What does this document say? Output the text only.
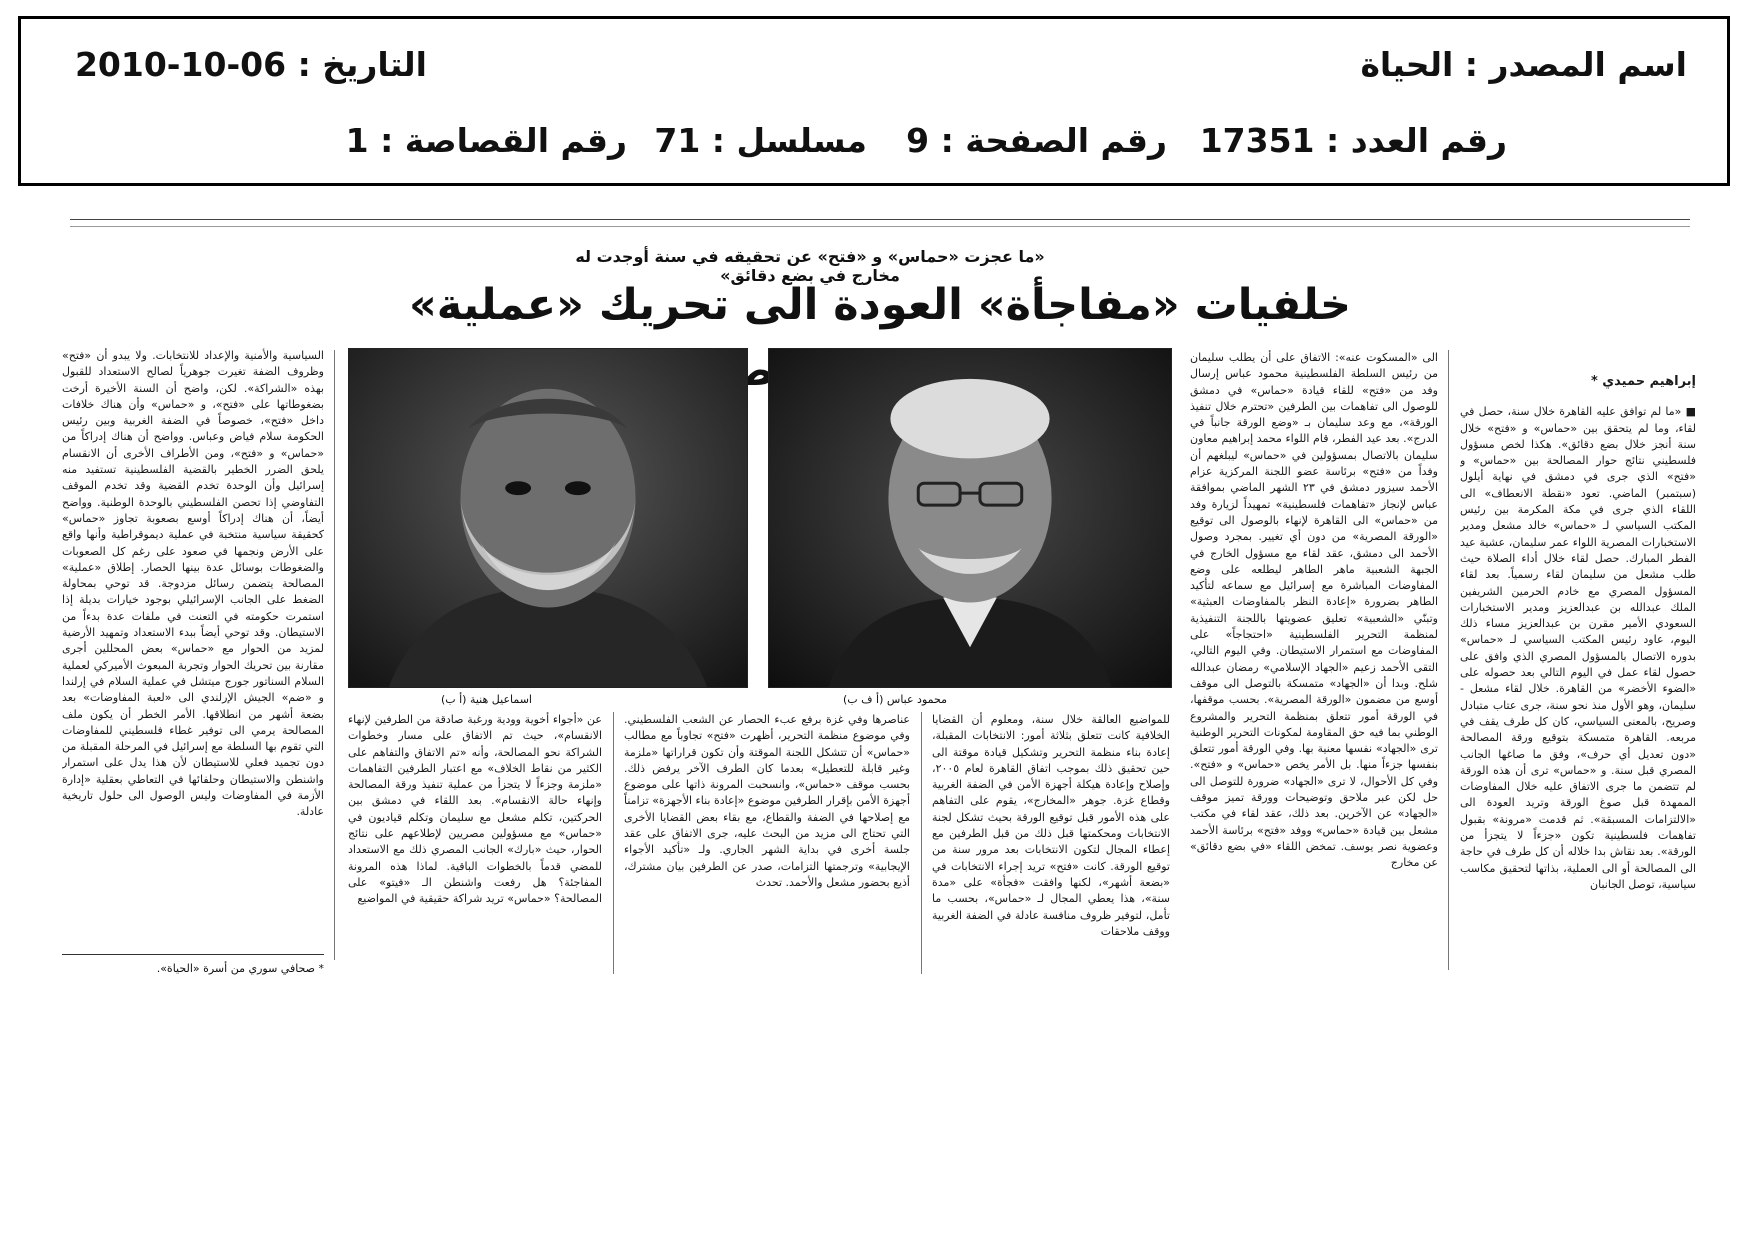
اسم المصدر : الحياة
التاريخ : 06-10-2010
رقم العدد : 17351
رقم الصفحة : 9
مسلسل : 71
رقم القصاصة : 1
«ما عجزت «حماس» و «فتح» عن تحقيقه في سنة أوجدت له مخارج في بضع دقائق»
خلفيات «مفاجأة» العودة الى تحريك «عملية»
إبراهيم حميدي *

■ «ما لم توافق عليه القاهرة خلال سنة، حصل في لقاء، وما لم يتحقق بين «حماس» و «فتح» خلال سنة أنجز خلال بضع دقائق». هكذا لخص مسؤول فلسطيني نتائج حوار المصالحة بين «حماس» و «فتح» الذي جرى في دمشق في نهاية أيلول (سبتمبر) الماضي. تعود «نقطة الانعطاف» الى اللقاء الذي جرى في مكة المكرمة بين رئيس المكتب السياسي لـ «حماس» خالد مشعل ومدير الاستخبارات المصرية اللواء عمر سليمان، عشية عيد الفطر المبارك. حصل لقاء خلال أداء الصلاة حيث طلب مشعل من سليمان لقاء رسمياً. بعد لقاء المسؤول المصري مع خادم الحرمين الشريفين الملك عبدالله بن عبدالعزيز ومدير الاستخبارات السعودي الأمير مقرن بن عبدالعزيز مساء ذلك اليوم، عاود رئيس المكتب السياسي لـ «حماس» بدوره الاتصال بالمسؤول المصري الذي وافق على حصول لقاء عمل في اليوم التالي بعد حصوله على «الضوء الأخضر» من القاهرة. خلال لقاء مشعل - سليمان، وهو الأول منذ نحو سنة، جرى عتاب متبادل وصريح، بالمعنى السياسي، كان كل طرف يقف في مربعه. القاهرة متمسكة بتوقيع ورقة المصالحة «دون تعديل أي حرف»، وفق ما صاغها الجانب المصري قبل سنة. و «حماس» ترى أن هذه الورقة لم تتضمن ما جرى الاتفاق عليه خلال المفاوضات الممهدة قبل صوغ الورقة وتريد العودة الى «الالتزامات المسبقة». ثم قدمت «مرونة» بقبول تفاهمات فلسطينية تكون «جزءاً لا يتجزأ من الورقة». بعد نقاش بدا خلاله أن كل طرف في حاجة الى المصالحة أو الى العملية، بذاتها لتحقيق مكاسب سياسية، توصل الجانبان

الى «المسكوت عنه»: الاتفاق على أن يطلب سليمان من رئيس السلطة الفلسطينية محمود عباس إرسال وفد من «فتح» للقاء قيادة «حماس» في دمشق للوصول الى تفاهمات بين الطرفين «تحترم خلال تنفيذ الورقة»، مع وعد سليمان بـ «وضع الورقة جانباً في الدرج». بعد عيد الفطر، قام اللواء محمد إبراهيم معاون سليمان بالاتصال بمسؤولين في «حماس» ليبلغهم أن وفداً من «فتح» برئاسة عضو اللجنة المركزية عزام الأحمد سيزور دمشق في ٢٣ الشهر الماضي بموافقة عباس لإنجاز «تفاهمات فلسطينية» تمهيداً لزيارة وفد من «حماس» الى القاهرة لإنهاء بالوصول الى توقيع «الورقة المصرية» من دون أي تغيير. بمجرد وصول الأحمد الى دمشق، عقد لقاء مع مسؤول الخارج في الجبهة الشعبية ماهر الطاهر ليطلعه على وضع المفاوضات المباشرة مع إسرائيل مع سماعه لتأكيد الطاهر بضرورة «إعادة النظر بالمفاوضات العبثية» وتبنّي «الشعبية» تعليق عضويتها باللجنة التنفيذية لمنظمة التحرير الفلسطينية «احتجاجاً» على المفاوضات مع استمرار الاستيطان. وفي اليوم التالي، التقى الأحمد زعيم «الجهاد الإسلامي» رمضان عبدالله شلح. وبدا أن «الجهاد» متمسكة بالتوصل الى موقف أوسع من مضمون «الورقة المصرية». بحسب موقفها، في الورقة أمور تتعلق بمنظمة التحرير والمشروع الوطني بما فيه حق المقاومة لمكونات التحرير الوطنية ترى «الجهاد» نفسها معنية بها. وفي الورقة أمور تتعلق بنفسها جزءاً منها. بل الأمر يخص «حماس» و «فتح». وفي كل الأحوال، لا ترى «الجهاد» ضرورة للتوصل الى حل لكن عبر ملاحق وتوضيحات وورقة تميز موقف «الجهاد» عن الآخرين. بعد ذلك، عقد لقاء في مكتب مشعل بين قيادة «حماس» ووفد «فتح» برئاسة الأحمد وعضوية نصر يوسف. تمخض اللقاء «في بضع دقائق» عن مخارج

محمود عباس (أ ف ب)
اسماعيل هنية (أ ب)

للمواضيع العالقة خلال سنة، ومعلوم أن القضايا الخلافية كانت تتعلق بثلاثة أمور: الانتخابات المقبلة، إعادة بناء منظمة التحرير وتشكيل قيادة موقتة الى حين تحقيق ذلك بموجب اتفاق القاهرة لعام ٢٠٠٥، وإصلاح وإعادة هيكلة أجهزة الأمن في الضفة الغربية وقطاع غزة. جوهر «المخارج»، يقوم على التفاهم على هذه الأمور قبل توقيع الورقة بحيث تشكل لجنة الانتخابات ومحكمتها قبل ذلك من قبل الطرفين مع إعطاء المجال لتكون الانتخابات بعد مرور سنة من توقيع الورقة. كانت «فتح» تريد إجراء الانتخابات في «بضعة أشهر»، لكنها وافقت «فجأة» على «مدة سنة»، هذا يعطي المجال لـ «حماس»، بحسب ما تأمل، لتوفير ظروف منافسة عادلة في الضفة الغربية ووقف ملاحقات

عناصرها وفي غزة برفع عبء الحصار عن الشعب الفلسطيني. وفي موضوع منظمة التحرير، أظهرت «فتح» تجاوباً مع مطالب «حماس» أن تتشكل اللجنة الموقتة وأن تكون قراراتها «ملزمة وغير قابلة للتعطيل» بعدما كان الطرف الآخر يرفض ذلك. بحسب موقف «حماس»، وانسحبت المرونة ذاتها على موضوع أجهزة الأمن بإقرار الطرفين موضوع «إعادة بناء الأجهزة» تزامناً مع إصلاحها في الضفة والقطاع، مع بقاء بعض القضايا الأخرى التي تحتاج الى مزيد من البحث عليه، جرى الاتفاق على عقد جلسة أخرى في بداية الشهر الجاري. ولـ «تأكيد الأجواء الإيجابية» وترجمتها التزامات، صدر عن الطرفين بيان مشترك، أذيع بحضور مشعل والأحمد. تحدث

عن «أجواء أخوية وودية ورغبة صادقة من الطرفين لإنهاء الانقسام»، حيث تم الاتفاق على مسار وخطوات الشراكة نحو المصالحة، وأنه «تم الاتفاق والتفاهم على الكثير من نقاط الخلاف» مع اعتبار الطرفين التفاهمات «ملزمة وجزءاً لا يتجزأ من عملية تنفيذ ورقة المصالحة وإنهاء حالة الانقسام». بعد اللقاء في دمشق بين الحركتين، تكلم مشعل مع سليمان وتكلم قياديون في «حماس» مع مسؤولين مصريين لإطلاعهم على نتائج الحوار، حيث «بارك» الجانب المصري ذلك مع الاستعداد للمضي قدماً بالخطوات الباقية. لماذا هذه المرونة المفاجئة؟ هل رفعت واشنطن الـ «فيتو» على المصالحة؟ «حماس» تريد شراكة حقيقية في المواضيع

السياسية والأمنية والإعداد للانتخابات. ولا يبدو أن «فتح» وظروف الضفة تغيرت جوهرياً لصالح الاستعداد للقبول بهذه «الشراكة». لكن، واضح أن السنة الأخيرة أرخت بضغوطاتها على «فتح»، و «حماس» وأن هناك خلافات داخل «فتح»، خصوصاً في الضفة الغربية وبين رئيس الحكومة سلام فياض وعباس. وواضح أن هناك إدراكاً من «حماس» و «فتح»، ومن الأطراف الأخرى أن الانقسام يلحق الضرر الخطير بالقضية الفلسطينية تستفيد منه إسرائيل وأن الوحدة تخدم القضية وقد تخدم الموقف التفاوضي إذا تحصن الفلسطيني بالوحدة الوطنية. وواضح أيضاً، أن هناك إدراكاً أوسع بصعوبة تجاوز «حماس» كحقيقة سياسية منتخبة في عملية ديموقراطية وأنها واقع على الأرض ونجمها في صعود على رغم كل الصعوبات والضغوطات بوسائل عدة بينها الحصار. إطلاق «عملية» المصالحة يتضمن رسائل مزدوجة. قد توحي بمحاولة الضغط على الجانب الإسرائيلي بوجود خيارات بديلة إذا استمرت حكومته في التعنت في ملفات عدة بدءاً من الاستيطان. وقد توحي أيضاً ببدء الاستعداد وتمهيد الأرضية لمزيد من الحوار مع «حماس» بعض المحللين أجرى مقارنة بين تحريك الحوار وتجربة المبعوث الأميركي لعملية السلام السناتور جورج ميتشل في عملية السلام في إرلندا و «ضم» الجيش الإرلندي الى «لعبة المفاوضات» بعد بضعة أشهر من انطلاقها. الأمر الخطر أن يكون ملف المصالحة يرمي الى توفير غطاء فلسطيني للمفاوضات التي تقوم بها السلطة مع إسرائيل في المرحلة المقبلة من دون تجميد فعلي للاستيطان لأن هذا يدل على استمرار واشنطن والاستيطان وحلفائها في التعاطي بعقلية «إدارة الأزمة في المفاوضات وليس الوصول الى حلول تاريخية عادلة.

* صحافي سوري من أسرة «الحياة».
